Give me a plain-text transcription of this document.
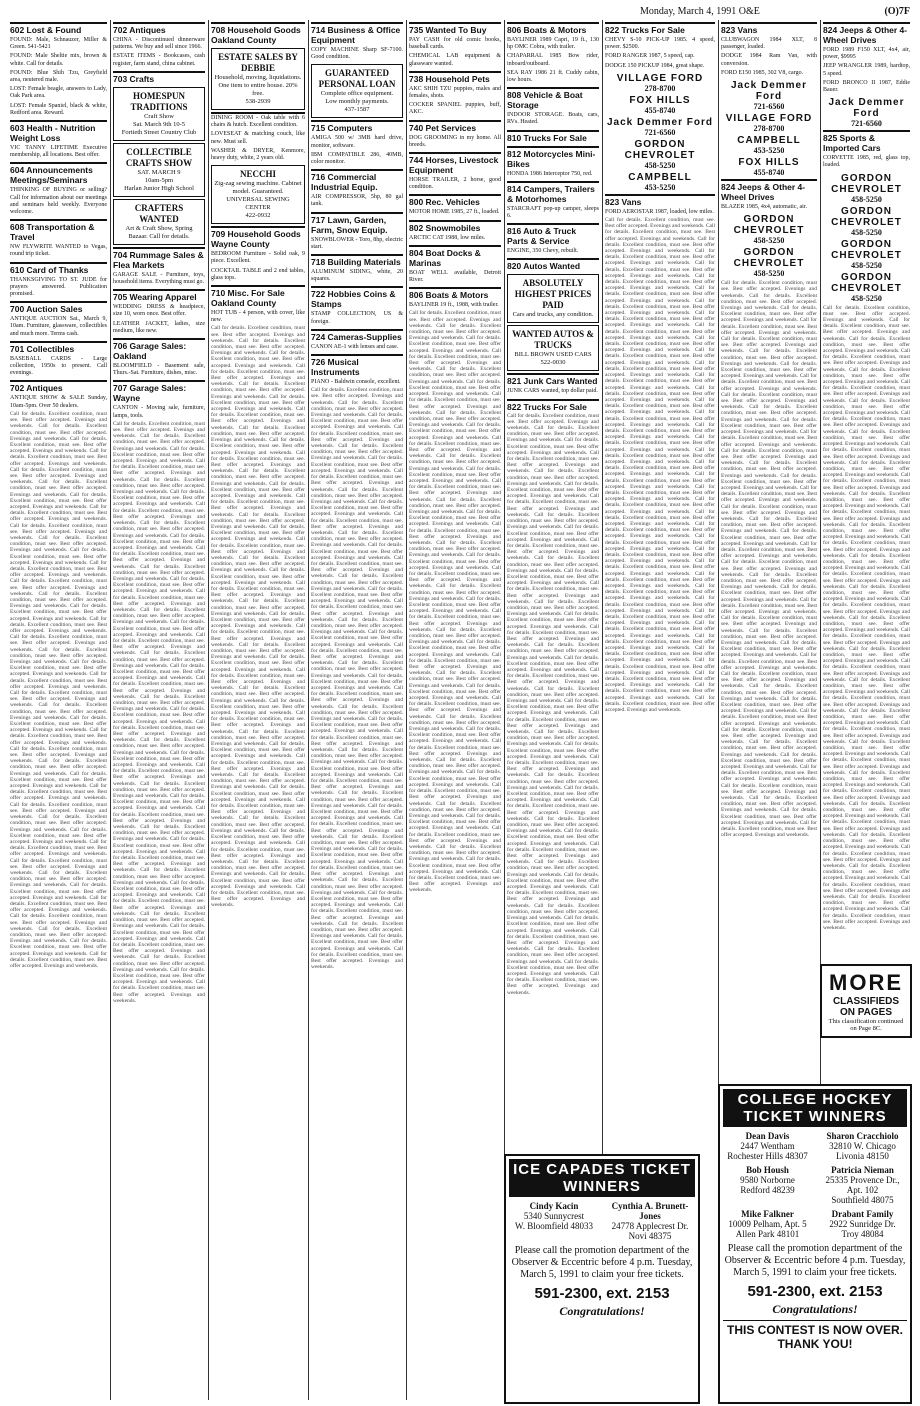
Monday, March 4, 1991 O&E	(O)7F
602 Lost & Found
FOUND: Male, Schnauzer, Miller & Green. 541-5421
FOUND: Male Sheltie mix, brown & white. Call for details.
FOUND: Blue Shih Tzu, Greyfield area, neutered male.
LOST: Female beagle, answers to Lady, Oak Park area.
LOST: Female Spaniel, black & white, Redford area. Reward.
603 Health - Nutrition Weight Loss
VIC TANNY LIFETIME Executive membership, all locations. Best offer.
604 Announcements Meetings/Seminars
THINKING OF BUYING or selling? Call for information about our meetings and seminars held weekly. Everyone welcome.
608 Transportation & Travel
NW FLYWRITE WANTED to Vegas, round trip ticket.
610 Card of Thanks
THANKSGIVING TO ST. JUDE for prayers answered. Publication promised.
700 Auction Sales
ANTIQUE AUCTION Sat., March 9, 10am. Furniture, glassware, collectibles and much more. Terms cash.
701 Collectibles
BASEBALL CARDS - Large collection, 1950s to present. Call evenings.
702 Antiques
ANTIQUE SHOW & SALE Sunday, 10am-5pm. Over 50 dealers.
Call for details. Excellent condition, must see. Best offer accepted. Evenings and weekends. Call for details. Excellent condition, must see. Best offer accepted. Evenings and weekends. Call for details. Excellent condition, must see. Best offer accepted. Evenings and weekends. Call for details. Excellent condition, must see. Best offer accepted. Evenings and weekends. Call for details. Excellent condition, must see. Best offer accepted. Evenings and weekends. Call for details. Excellent condition, must see. Best offer accepted. Evenings and weekends. Call for details. Excellent condition, must see. Best offer accepted. Evenings and weekends. Call for details. Excellent condition, must see. Best offer accepted. Evenings and weekends. Call for details. Excellent condition, must see. Best offer accepted. Evenings and weekends. Call for details. Excellent condition, must see. Best offer accepted. Evenings and weekends. Call for details. Excellent condition, must see. Best offer accepted. Evenings and weekends. Call for details. Excellent condition, must see. Best offer accepted. Evenings and weekends. Call for details. Excellent condition, must see. Best offer accepted. Evenings and weekends. Call for details. Excellent condition, must see. Best offer accepted. Evenings and weekends. Call for details. Excellent condition, must see. Best offer accepted. Evenings and weekends. Call for details. Excellent condition, must see. Best offer accepted. Evenings and weekends. Call for details. Excellent condition, must see. Best offer accepted. Evenings and weekends. Call for details. Excellent condition, must see. Best offer accepted. Evenings and weekends. Call for details. Excellent condition, must see. Best offer accepted. Evenings and weekends. Call for details. Excellent condition, must see. Best offer accepted. Evenings and weekends. Call for details. Excellent condition, must see. Best offer accepted. Evenings and weekends. Call for details. Excellent condition, must see. Best offer accepted. Evenings and weekends. Call for details. Excellent condition, must see. Best offer accepted. Evenings and weekends. Call for details. Excellent condition, must see. Best offer accepted. Evenings and weekends. Call for details. Excellent condition, must see. Best offer accepted. Evenings and weekends. Call for details. Excellent condition, must see. Best offer accepted. Evenings and weekends. Call for details. Excellent condition, must see. Best offer accepted. Evenings and weekends. Call for details. Excellent condition, must see. Best offer accepted. Evenings and weekends. Call for details. Excellent condition, must see. Best offer accepted. Evenings and weekends. Call for details. Excellent condition, must see. Best offer accepted. Evenings and weekends. Call for details. Excellent condition, must see. Best offer accepted. Evenings and weekends. Call for details. Excellent condition, must see. Best offer accepted. Evenings and weekends. Call for details. Excellent condition, must see. Best offer accepted. Evenings and weekends. Call for details. Excellent condition, must see. Best offer accepted. Evenings and weekends. Call for details. Excellent condition, must see. Best offer accepted. Evenings and weekends. Call for details. Excellent condition, must see. Best offer accepted. Evenings and weekends. Call for details. Excellent condition, must see. Best offer accepted. Evenings and weekends. Call for details. Excellent condition, must see. Best offer accepted. Evenings and weekends. Call for details. Excellent condition, must see. Best offer accepted. Evenings and weekends. Call for details. Excellent condition, must see. Best offer accepted. Evenings and weekends.
702 Antiques
CHINA - Discontinued dinnerware patterns. We buy and sell since 1966.
ESTATE ITEMS - Bookcases, cash register, farm stand, china cabinet.
703 Crafts
HOMESPUN TRADITIONS
Craft Show
Sat. March 9th 10-5
Fortieth Street Country Club
COLLECTIBLE CRAFTS SHOW
SAT. MARCH 9
10am-5pm
Harlan Junior High School
CRAFTERS WANTED
Art & Craft Show, Spring Bazaar. Call for details.
704 Rummage Sales & Flea Markets
GARAGE SALE - Furniture, toys, household items. Everything must go.
705 Wearing Apparel
WEDDING DRESS & headpiece, size 10, worn once. Best offer.
LEATHER JACKET, ladies, size medium, like new.
706 Garage Sales: Oakland
BLOOMFIELD - Basement sale, Thurs.-Sat. Furniture, dishes, misc.
707 Garage Sales: Wayne
CANTON - Moving sale, furniture, lamps, tools.
Call for details. Excellent condition, must see. Best offer accepted. Evenings and weekends. Call for details. Excellent condition, must see. Best offer accepted. Evenings and weekends. Call for details. Excellent condition, must see. Best offer accepted. Evenings and weekends. Call for details. Excellent condition, must see. Best offer accepted. Evenings and weekends. Call for details. Excellent condition, must see. Best offer accepted. Evenings and weekends. Call for details. Excellent condition, must see. Best offer accepted. Evenings and weekends. Call for details. Excellent condition, must see. Best offer accepted. Evenings and weekends. Call for details. Excellent condition, must see. Best offer accepted. Evenings and weekends. Call for details. Excellent condition, must see. Best offer accepted. Evenings and weekends. Call for details. Excellent condition, must see. Best offer accepted. Evenings and weekends. Call for details. Excellent condition, must see. Best offer accepted. Evenings and weekends. Call for details. Excellent condition, must see. Best offer accepted. Evenings and weekends. Call for details. Excellent condition, must see. Best offer accepted. Evenings and weekends. Call for details. Excellent condition, must see. Best offer accepted. Evenings and weekends. Call for details. Excellent condition, must see. Best offer accepted. Evenings and weekends. Call for details. Excellent condition, must see. Best offer accepted. Evenings and weekends. Call for details. Excellent condition, must see. Best offer accepted. Evenings and weekends. Call for details. Excellent condition, must see. Best offer accepted. Evenings and weekends. Call for details. Excellent condition, must see. Best offer accepted. Evenings and weekends. Call for details. Excellent condition, must see. Best offer accepted. Evenings and weekends. Call for details. Excellent condition, must see. Best offer accepted. Evenings and weekends. Call for details. Excellent condition, must see. Best offer accepted. Evenings and weekends. Call for details. Excellent condition, must see. Best offer accepted. Evenings and weekends. Call for details. Excellent condition, must see. Best offer accepted. Evenings and weekends. Call for details. Excellent condition, must see. Best offer accepted. Evenings and weekends. Call for details. Excellent condition, must see. Best offer accepted. Evenings and weekends. Call for details. Excellent condition, must see. Best offer accepted. Evenings and weekends. Call for details. Excellent condition, must see. Best offer accepted. Evenings and weekends. Call for details. Excellent condition, must see. Best offer accepted. Evenings and weekends. Call for details. Excellent condition, must see. Best offer accepted. Evenings and weekends. Call for details. Excellent condition, must see. Best offer accepted. Evenings and weekends. Call for details. Excellent condition, must see. Best offer accepted. Evenings and weekends. Call for details. Excellent condition, must see. Best offer accepted. Evenings and weekends. Call for details. Excellent condition, must see. Best offer accepted. Evenings and weekends. Call for details. Excellent condition, must see. Best offer accepted. Evenings and weekends. Call for details. Excellent condition, must see. Best offer accepted. Evenings and weekends. Call for details. Excellent condition, must see. Best offer accepted. Evenings and weekends. Call for details. Excellent condition, must see. Best offer accepted. Evenings and weekends. Call for details. Excellent condition, must see. Best offer accepted. Evenings and weekends. Call for details. Excellent condition, must see. Best offer accepted. Evenings and weekends.
708 Household Goods Oakland County
ESTATE SALES BY DEBBIE
Household, moving, liquidations. One item to entire house. 20% free.
538-2939
DINING ROOM - Oak table with 6 chairs & hutch. Excellent condition.
LOVESEAT & matching couch, like new. Must sell.
WASHER & DRYER, Kenmore, heavy duty, white, 2 years old.
NECCHI
Zig-zag sewing machine. Cabinet model. Guaranteed.
UNIVERSAL SEWING CENTER
422-0932
709 Household Goods Wayne County
BEDROOM Furniture - Solid oak, 9 piece. Excellent.
COCKTAIL TABLE and 2 end tables, glass tops.
710 Misc. For Sale Oakland County
HOT TUB - 4 person, with cover, like new.
Call for details. Excellent condition, must see. Best offer accepted. Evenings and weekends. Call for details. Excellent condition, must see. Best offer accepted. Evenings and weekends. Call for details. Excellent condition, must see. Best offer accepted. Evenings and weekends. Call for details. Excellent condition, must see. Best offer accepted. Evenings and weekends. Call for details. Excellent condition, must see. Best offer accepted. Evenings and weekends. Call for details. Excellent condition, must see. Best offer accepted. Evenings and weekends. Call for details. Excellent condition, must see. Best offer accepted. Evenings and weekends. Call for details. Excellent condition, must see. Best offer accepted. Evenings and weekends. Call for details. Excellent condition, must see. Best offer accepted. Evenings and weekends. Call for details. Excellent condition, must see. Best offer accepted. Evenings and weekends. Call for details. Excellent condition, must see. Best offer accepted. Evenings and weekends. Call for details. Excellent condition, must see. Best offer accepted. Evenings and weekends. Call for details. Excellent condition, must see. Best offer accepted. Evenings and weekends. Call for details. Excellent condition, must see. Best offer accepted. Evenings and weekends. Call for details. Excellent condition, must see. Best offer accepted. Evenings and weekends. Call for details. Excellent condition, must see. Best offer accepted. Evenings and weekends. Call for details. Excellent condition, must see. Best offer accepted. Evenings and weekends. Call for details. Excellent condition, must see. Best offer accepted. Evenings and weekends. Call for details. Excellent condition, must see. Best offer accepted. Evenings and weekends. Call for details. Excellent condition, must see. Best offer accepted. Evenings and weekends. Call for details. Excellent condition, must see. Best offer accepted. Evenings and weekends. Call for details. Excellent condition, must see. Best offer accepted. Evenings and weekends. Call for details. Excellent condition, must see. Best offer accepted. Evenings and weekends. Call for details. Excellent condition, must see. Best offer accepted. Evenings and weekends. Call for details. Excellent condition, must see. Best offer accepted. Evenings and weekends. Call for details. Excellent condition, must see. Best offer accepted. Evenings and weekends. Call for details. Excellent condition, must see. Best offer accepted. Evenings and weekends. Call for details. Excellent condition, must see. Best offer accepted. Evenings and weekends. Call for details. Excellent condition, must see. Best offer accepted. Evenings and weekends. Call for details. Excellent condition, must see. Best offer accepted. Evenings and weekends. Call for details. Excellent condition, must see. Best offer accepted. Evenings and weekends. Call for details. Excellent condition, must see. Best offer accepted. Evenings and weekends. Call for details. Excellent condition, must see. Best offer accepted. Evenings and weekends. Call for details. Excellent condition, must see. Best offer accepted. Evenings and weekends. Call for details. Excellent condition, must see. Best offer accepted. Evenings and weekends. Call for details. Excellent condition, must see. Best offer accepted. Evenings and weekends. Call for details. Excellent condition, must see. Best offer accepted. Evenings and weekends. Call for details. Excellent condition, must see. Best offer accepted. Evenings and weekends. Call for details. Excellent condition, must see. Best offer accepted. Evenings and weekends. Call for details. Excellent condition, must see. Best offer accepted. Evenings and weekends.
714 Business & Office Equipment
COPY MACHINE Sharp SF-7100. Good condition.
GUARANTEED PERSONAL LOAN
Complete office equipment. Low monthly payments.
437-1587
715 Computers
AMIGA 500 w/ 3MB hard drive, monitor, software.
IBM COMPATIBLE 286, 40MB, color monitor.
716 Commercial Industrial Equip.
AIR COMPRESSOR, 5hp, 80 gal tank.
717 Lawn, Garden, Farm, Snow Equip.
SNOWBLOWER - Toro, 8hp, electric start.
718 Building Materials
ALUMINUM SIDING, white, 20 squares.
722 Hobbies Coins & Stamps
STAMP COLLECTION, US & foreign.
724 Cameras-Supplies
CANON AE-1 with lenses and case.
726 Musical Instruments
PIANO - Baldwin console, excellent.
Call for details. Excellent condition, must see. Best offer accepted. Evenings and weekends. Call for details. Excellent condition, must see. Best offer accepted. Evenings and weekends. Call for details. Excellent condition, must see. Best offer accepted. Evenings and weekends. Call for details. Excellent condition, must see. Best offer accepted. Evenings and weekends. Call for details. Excellent condition, must see. Best offer accepted. Evenings and weekends. Call for details. Excellent condition, must see. Best offer accepted. Evenings and weekends. Call for details. Excellent condition, must see. Best offer accepted. Evenings and weekends. Call for details. Excellent condition, must see. Best offer accepted. Evenings and weekends. Call for details. Excellent condition, must see. Best offer accepted. Evenings and weekends. Call for details. Excellent condition, must see. Best offer accepted. Evenings and weekends. Call for details. Excellent condition, must see. Best offer accepted. Evenings and weekends. Call for details. Excellent condition, must see. Best offer accepted. Evenings and weekends. Call for details. Excellent condition, must see. Best offer accepted. Evenings and weekends. Call for details. Excellent condition, must see. Best offer accepted. Evenings and weekends. Call for details. Excellent condition, must see. Best offer accepted. Evenings and weekends. Call for details. Excellent condition, must see. Best offer accepted. Evenings and weekends. Call for details. Excellent condition, must see. Best offer accepted. Evenings and weekends. Call for details. Excellent condition, must see. Best offer accepted. Evenings and weekends. Call for details. Excellent condition, must see. Best offer accepted. Evenings and weekends. Call for details. Excellent condition, must see. Best offer accepted. Evenings and weekends. Call for details. Excellent condition, must see. Best offer accepted. Evenings and weekends. Call for details. Excellent condition, must see. Best offer accepted. Evenings and weekends. Call for details. Excellent condition, must see. Best offer accepted. Evenings and weekends. Call for details. Excellent condition, must see. Best offer accepted. Evenings and weekends. Call for details. Excellent condition, must see. Best offer accepted. Evenings and weekends. Call for details. Excellent condition, must see. Best offer accepted. Evenings and weekends. Call for details. Excellent condition, must see. Best offer accepted. Evenings and weekends. Call for details. Excellent condition, must see. Best offer accepted. Evenings and weekends. Call for details. Excellent condition, must see. Best offer accepted. Evenings and weekends. Call for details. Excellent condition, must see. Best offer accepted. Evenings and weekends. Call for details. Excellent condition, must see. Best offer accepted. Evenings and weekends. Call for details. Excellent condition, must see. Best offer accepted. Evenings and weekends. Call for details. Excellent condition, must see. Best offer accepted. Evenings and weekends. Call for details. Excellent condition, must see. Best offer accepted. Evenings and weekends. Call for details. Excellent condition, must see. Best offer accepted. Evenings and weekends. Call for details. Excellent condition, must see. Best offer accepted. Evenings and weekends. Call for details. Excellent condition, must see. Best offer accepted. Evenings and weekends. Call for details. Excellent condition, must see. Best offer accepted. Evenings and weekends. Call for details. Excellent condition, must see. Best offer accepted. Evenings and weekends. Call for details. Excellent condition, must see. Best offer accepted. Evenings and weekends.
735 Wanted To Buy
PAY CASH for old comic books, baseball cards.
CHEMICAL LAB equipment & glassware wanted.
738 Household Pets
AKC SHIH TZU puppies, males and females, shots.
COCKER SPANIEL puppies, buff, AKC.
740 Pet Services
DOG GROOMING in my home. All breeds.
744 Horses, Livestock Equipment
HORSE TRAILER, 2 horse, good condition.
800 Rec. Vehicles
MOTOR HOME 1985, 27 ft., loaded.
802 Snowmobiles
ARCTIC CAT 1988, low miles.
804 Boat Docks & Marinas
BOAT WELL available, Detroit River.
806 Boats & Motors
BAYLINER 19 ft., 1988, with trailer.
Call for details. Excellent condition, must see. Best offer accepted. Evenings and weekends. Call for details. Excellent condition, must see. Best offer accepted. Evenings and weekends. Call for details. Excellent condition, must see. Best offer accepted. Evenings and weekends. Call for details. Excellent condition, must see. Best offer accepted. Evenings and weekends. Call for details. Excellent condition, must see. Best offer accepted. Evenings and weekends. Call for details. Excellent condition, must see. Best offer accepted. Evenings and weekends. Call for details. Excellent condition, must see. Best offer accepted. Evenings and weekends. Call for details. Excellent condition, must see. Best offer accepted. Evenings and weekends. Call for details. Excellent condition, must see. Best offer accepted. Evenings and weekends. Call for details. Excellent condition, must see. Best offer accepted. Evenings and weekends. Call for details. Excellent condition, must see. Best offer accepted. Evenings and weekends. Call for details. Excellent condition, must see. Best offer accepted. Evenings and weekends. Call for details. Excellent condition, must see. Best offer accepted. Evenings and weekends. Call for details. Excellent condition, must see. Best offer accepted. Evenings and weekends. Call for details. Excellent condition, must see. Best offer accepted. Evenings and weekends. Call for details. Excellent condition, must see. Best offer accepted. Evenings and weekends. Call for details. Excellent condition, must see. Best offer accepted. Evenings and weekends. Call for details. Excellent condition, must see. Best offer accepted. Evenings and weekends. Call for details. Excellent condition, must see. Best offer accepted. Evenings and weekends. Call for details. Excellent condition, must see. Best offer accepted. Evenings and weekends. Call for details. Excellent condition, must see. Best offer accepted. Evenings and weekends. Call for details. Excellent condition, must see. Best offer accepted. Evenings and weekends. Call for details. Excellent condition, must see. Best offer accepted. Evenings and weekends. Call for details. Excellent condition, must see. Best offer accepted. Evenings and weekends. Call for details. Excellent condition, must see. Best offer accepted. Evenings and weekends. Call for details. Excellent condition, must see. Best offer accepted. Evenings and weekends. Call for details. Excellent condition, must see. Best offer accepted. Evenings and weekends. Call for details. Excellent condition, must see. Best offer accepted. Evenings and weekends. Call for details. Excellent condition, must see. Best offer accepted. Evenings and weekends. Call for details. Excellent condition, must see. Best offer accepted. Evenings and weekends. Call for details. Excellent condition, must see. Best offer accepted. Evenings and weekends. Call for details. Excellent condition, must see. Best offer accepted. Evenings and weekends. Call for details. Excellent condition, must see. Best offer accepted. Evenings and weekends. Call for details. Excellent condition, must see. Best offer accepted. Evenings and weekends. Call for details. Excellent condition, must see. Best offer accepted. Evenings and weekends. Call for details. Excellent condition, must see. Best offer accepted. Evenings and weekends. Call for details. Excellent condition, must see. Best offer accepted. Evenings and weekends. Call for details. Excellent condition, must see. Best offer accepted. Evenings and weekends. Call for details. Excellent condition, must see. Best offer accepted. Evenings and weekends. Call for details. Excellent condition, must see. Best offer accepted. Evenings and weekends.
806 Boats & Motors
BAYLINER 1989 Capri, 19 ft., 130 hp OMC Cobra, with trailer.
CHAPARRAL 1985 Bow rider, inboard/outboard.
SEA RAY 1986 21 ft. Cuddy cabin, low hours.
808 Vehicle & Boat Storage
INDOOR STORAGE. Boats, cars, RVs. Heated.
810 Trucks For Sale
812 Motorcycles Mini-Bikes
HONDA 1986 Interceptor 750, red.
814 Campers, Trailers & Motorhomes
STARCRAFT pop-up camper, sleeps 6.
816 Auto & Truck Parts & Service
ENGINE, 350 Chevy, rebuilt.
820 Autos Wanted
ABSOLUTELY HIGHEST PRICES PAID
Cars and trucks, any condition.
WANTED AUTOS & TRUCKS
BILL BROWN USED CARS
522-0030
821 Junk Cars Wanted
JUNK CARS wanted, top dollar paid.
822 Trucks For Sale
Call for details. Excellent condition, must see. Best offer accepted. Evenings and weekends. Call for details. Excellent condition, must see. Best offer accepted. Evenings and weekends. Call for details. Excellent condition, must see. Best offer accepted. Evenings and weekends. Call for details. Excellent condition, must see. Best offer accepted. Evenings and weekends. Call for details. Excellent condition, must see. Best offer accepted. Evenings and weekends. Call for details. Excellent condition, must see. Best offer accepted. Evenings and weekends. Call for details. Excellent condition, must see. Best offer accepted. Evenings and weekends. Call for details. Excellent condition, must see. Best offer accepted. Evenings and weekends. Call for details. Excellent condition, must see. Best offer accepted. Evenings and weekends. Call for details. Excellent condition, must see. Best offer accepted. Evenings and weekends. Call for details. Excellent condition, must see. Best offer accepted. Evenings and weekends. Call for details. Excellent condition, must see. Best offer accepted. Evenings and weekends. Call for details. Excellent condition, must see. Best offer accepted. Evenings and weekends. Call for details. Excellent condition, must see. Best offer accepted. Evenings and weekends. Call for details. Excellent condition, must see. Best offer accepted. Evenings and weekends. Call for details. Excellent condition, must see. Best offer accepted. Evenings and weekends. Call for details. Excellent condition, must see. Best offer accepted. Evenings and weekends. Call for details. Excellent condition, must see. Best offer accepted. Evenings and weekends. Call for details. Excellent condition, must see. Best offer accepted. Evenings and weekends. Call for details. Excellent condition, must see. Best offer accepted. Evenings and weekends. Call for details. Excellent condition, must see. Best offer accepted. Evenings and weekends. Call for details. Excellent condition, must see. Best offer accepted. Evenings and weekends. Call for details. Excellent condition, must see. Best offer accepted. Evenings and weekends. Call for details. Excellent condition, must see. Best offer accepted. Evenings and weekends. Call for details. Excellent condition, must see. Best offer accepted. Evenings and weekends. Call for details. Excellent condition, must see. Best offer accepted. Evenings and weekends. Call for details. Excellent condition, must see. Best offer accepted. Evenings and weekends. Call for details. Excellent condition, must see. Best offer accepted. Evenings and weekends. Call for details. Excellent condition, must see. Best offer accepted. Evenings and weekends. Call for details. Excellent condition, must see. Best offer accepted. Evenings and weekends. Call for details. Excellent condition, must see. Best offer accepted. Evenings and weekends. Call for details. Excellent condition, must see. Best offer accepted. Evenings and weekends. Call for details. Excellent condition, must see. Best offer accepted. Evenings and weekends. Call for details. Excellent condition, must see. Best offer accepted. Evenings and weekends. Call for details. Excellent condition, must see. Best offer accepted. Evenings and weekends. Call for details. Excellent condition, must see. Best offer accepted. Evenings and weekends. Call for details. Excellent condition, must see. Best offer accepted. Evenings and weekends. Call for details. Excellent condition, must see. Best offer accepted. Evenings and weekends. Call for details. Excellent condition, must see. Best offer accepted. Evenings and weekends. Call for details. Excellent condition, must see. Best offer accepted. Evenings and weekends.
822 Trucks For Sale
CHEVY S-10 PICK-UP 1985. 4 speed, power. $2500.
FORD RANGER 1987, 5 speed, cap.
DODGE 150 PICKUP 1984, great shape.
VILLAGE FORD
278-8700
FOX HILLS
455-8740
Jack Demmer Ford
721-6560
GORDON CHEVROLET
458-5250
CAMPBELL
453-5250
823 Vans
FORD AEROSTAR 1987, loaded, low miles.
Call for details. Excellent condition, must see. Best offer accepted. Evenings and weekends. Call for details. Excellent condition, must see. Best offer accepted. Evenings and weekends. Call for details. Excellent condition, must see. Best offer accepted. Evenings and weekends. Call for details. Excellent condition, must see. Best offer accepted. Evenings and weekends. Call for details. Excellent condition, must see. Best offer accepted. Evenings and weekends. Call for details. Excellent condition, must see. Best offer accepted. Evenings and weekends. Call for details. Excellent condition, must see. Best offer accepted. Evenings and weekends. Call for details. Excellent condition, must see. Best offer accepted. Evenings and weekends. Call for details. Excellent condition, must see. Best offer accepted. Evenings and weekends. Call for details. Excellent condition, must see. Best offer accepted. Evenings and weekends. Call for details. Excellent condition, must see. Best offer accepted. Evenings and weekends. Call for details. Excellent condition, must see. Best offer accepted. Evenings and weekends. Call for details. Excellent condition, must see. Best offer accepted. Evenings and weekends. Call for details. Excellent condition, must see. Best offer accepted. Evenings and weekends. Call for details. Excellent condition, must see. Best offer accepted. Evenings and weekends. Call for details. Excellent condition, must see. Best offer accepted. Evenings and weekends. Call for details. Excellent condition, must see. Best offer accepted. Evenings and weekends. Call for details. Excellent condition, must see. Best offer accepted. Evenings and weekends. Call for details. Excellent condition, must see. Best offer accepted. Evenings and weekends. Call for details. Excellent condition, must see. Best offer accepted. Evenings and weekends. Call for details. Excellent condition, must see. Best offer accepted. Evenings and weekends. Call for details. Excellent condition, must see. Best offer accepted. Evenings and weekends. Call for details. Excellent condition, must see. Best offer accepted. Evenings and weekends. Call for details. Excellent condition, must see. Best offer accepted. Evenings and weekends. Call for details. Excellent condition, must see. Best offer accepted. Evenings and weekends. Call for details. Excellent condition, must see. Best offer accepted. Evenings and weekends. Call for details. Excellent condition, must see. Best offer accepted. Evenings and weekends. Call for details. Excellent condition, must see. Best offer accepted. Evenings and weekends. Call for details. Excellent condition, must see. Best offer accepted. Evenings and weekends. Call for details. Excellent condition, must see. Best offer accepted. Evenings and weekends. Call for details. Excellent condition, must see. Best offer accepted. Evenings and weekends. Call for details. Excellent condition, must see. Best offer accepted. Evenings and weekends. Call for details. Excellent condition, must see. Best offer accepted. Evenings and weekends. Call for details. Excellent condition, must see. Best offer accepted. Evenings and weekends. Call for details. Excellent condition, must see. Best offer accepted. Evenings and weekends. Call for details. Excellent condition, must see. Best offer accepted. Evenings and weekends. Call for details. Excellent condition, must see. Best offer accepted. Evenings and weekends. Call for details. Excellent condition, must see. Best offer accepted. Evenings and weekends. Call for details. Excellent condition, must see. Best offer accepted. Evenings and weekends. Call for details. Excellent condition, must see. Best offer accepted. Evenings and weekends.
823 Vans
CLUBWAGON 1984 XLT, 8 passenger, loaded.
DODGE 1984 Ram Van, with conversion.
FORD E150 1985, 302 V8, cargo.
Jack Demmer Ford
721-6560
VILLAGE FORD
278-8700
CAMPBELL
453-5250
FOX HILLS
455-8740
824 Jeeps & Other 4-Wheel Drives
BLAZER 1985, 4x4, automatic, air.
GORDON CHEVROLET
458-5250
GORDON CHEVROLET
458-5250
Call for details. Excellent condition, must see. Best offer accepted. Evenings and weekends. Call for details. Excellent condition, must see. Best offer accepted. Evenings and weekends. Call for details. Excellent condition, must see. Best offer accepted. Evenings and weekends. Call for details. Excellent condition, must see. Best offer accepted. Evenings and weekends. Call for details. Excellent condition, must see. Best offer accepted. Evenings and weekends. Call for details. Excellent condition, must see. Best offer accepted. Evenings and weekends. Call for details. Excellent condition, must see. Best offer accepted. Evenings and weekends. Call for details. Excellent condition, must see. Best offer accepted. Evenings and weekends. Call for details. Excellent condition, must see. Best offer accepted. Evenings and weekends. Call for details. Excellent condition, must see. Best offer accepted. Evenings and weekends. Call for details. Excellent condition, must see. Best offer accepted. Evenings and weekends. Call for details. Excellent condition, must see. Best offer accepted. Evenings and weekends. Call for details. Excellent condition, must see. Best offer accepted. Evenings and weekends. Call for details. Excellent condition, must see. Best offer accepted. Evenings and weekends. Call for details. Excellent condition, must see. Best offer accepted. Evenings and weekends. Call for details. Excellent condition, must see. Best offer accepted. Evenings and weekends. Call for details. Excellent condition, must see. Best offer accepted. Evenings and weekends. Call for details. Excellent condition, must see. Best offer accepted. Evenings and weekends. Call for details. Excellent condition, must see. Best offer accepted. Evenings and weekends. Call for details. Excellent condition, must see. Best offer accepted. Evenings and weekends. Call for details. Excellent condition, must see. Best offer accepted. Evenings and weekends. Call for details. Excellent condition, must see. Best offer accepted. Evenings and weekends. Call for details. Excellent condition, must see. Best offer accepted. Evenings and weekends. Call for details. Excellent condition, must see. Best offer accepted. Evenings and weekends. Call for details. Excellent condition, must see. Best offer accepted. Evenings and weekends. Call for details. Excellent condition, must see. Best offer accepted. Evenings and weekends. Call for details. Excellent condition, must see. Best offer accepted. Evenings and weekends. Call for details. Excellent condition, must see. Best offer accepted. Evenings and weekends. Call for details. Excellent condition, must see. Best offer accepted. Evenings and weekends. Call for details. Excellent condition, must see. Best offer accepted. Evenings and weekends. Call for details. Excellent condition, must see. Best offer accepted. Evenings and weekends. Call for details. Excellent condition, must see. Best offer accepted. Evenings and weekends. Call for details. Excellent condition, must see. Best offer accepted. Evenings and weekends. Call for details. Excellent condition, must see. Best offer accepted. Evenings and weekends. Call for details. Excellent condition, must see. Best offer accepted. Evenings and weekends. Call for details. Excellent condition, must see. Best offer accepted. Evenings and weekends. Call for details. Excellent condition, must see. Best offer accepted. Evenings and weekends. Call for details. Excellent condition, must see. Best offer accepted. Evenings and weekends. Call for details. Excellent condition, must see. Best offer accepted. Evenings and weekends. Call for details. Excellent condition, must see. Best offer accepted. Evenings and weekends.
824 Jeeps & Other 4-Wheel Drives
FORD 1989 F150 XLT, 4x4, air, power, $9995
JEEP WRANGLER 1989, hardtop, 5 speed.
FORD BRONCO II 1987, Eddie Bauer.
Jack Demmer Ford
721-6560
825 Sports & Imported Cars
CORVETTE 1985, red, glass top, loaded.
GORDON CHEVROLET
458-5250
GORDON CHEVROLET
458-5250
GORDON CHEVROLET
458-5250
GORDON CHEVROLET
458-5250
Call for details. Excellent condition, must see. Best offer accepted. Evenings and weekends. Call for details. Excellent condition, must see. Best offer accepted. Evenings and weekends. Call for details. Excellent condition, must see. Best offer accepted. Evenings and weekends. Call for details. Excellent condition, must see. Best offer accepted. Evenings and weekends. Call for details. Excellent condition, must see. Best offer accepted. Evenings and weekends. Call for details. Excellent condition, must see. Best offer accepted. Evenings and weekends. Call for details. Excellent condition, must see. Best offer accepted. Evenings and weekends. Call for details. Excellent condition, must see. Best offer accepted. Evenings and weekends. Call for details. Excellent condition, must see. Best offer accepted. Evenings and weekends. Call for details. Excellent condition, must see. Best offer accepted. Evenings and weekends. Call for details. Excellent condition, must see. Best offer accepted. Evenings and weekends. Call for details. Excellent condition, must see. Best offer accepted. Evenings and weekends. Call for details. Excellent condition, must see. Best offer accepted. Evenings and weekends. Call for details. Excellent condition, must see. Best offer accepted. Evenings and weekends. Call for details. Excellent condition, must see. Best offer accepted. Evenings and weekends. Call for details. Excellent condition, must see. Best offer accepted. Evenings and weekends. Call for details. Excellent condition, must see. Best offer accepted. Evenings and weekends. Call for details. Excellent condition, must see. Best offer accepted. Evenings and weekends. Call for details. Excellent condition, must see. Best offer accepted. Evenings and weekends. Call for details. Excellent condition, must see. Best offer accepted. Evenings and weekends. Call for details. Excellent condition, must see. Best offer accepted. Evenings and weekends. Call for details. Excellent condition, must see. Best offer accepted. Evenings and weekends. Call for details. Excellent condition, must see. Best offer accepted. Evenings and weekends. Call for details. Excellent condition, must see. Best offer accepted. Evenings and weekends. Call for details. Excellent condition, must see. Best offer accepted. Evenings and weekends. Call for details. Excellent condition, must see. Best offer accepted. Evenings and weekends. Call for details. Excellent condition, must see. Best offer accepted. Evenings and weekends. Call for details. Excellent condition, must see. Best offer accepted. Evenings and weekends. Call for details. Excellent condition, must see. Best offer accepted. Evenings and weekends. Call for details. Excellent condition, must see. Best offer accepted. Evenings and weekends. Call for details. Excellent condition, must see. Best offer accepted. Evenings and weekends. Call for details. Excellent condition, must see. Best offer accepted. Evenings and weekends. Call for details. Excellent condition, must see. Best offer accepted. Evenings and weekends. Call for details. Excellent condition, must see. Best offer accepted. Evenings and weekends. Call for details. Excellent condition, must see. Best offer accepted. Evenings and weekends. Call for details. Excellent condition, must see. Best offer accepted. Evenings and weekends. Call for details. Excellent condition, must see. Best offer accepted. Evenings and weekends. Call for details. Excellent condition, must see. Best offer accepted. Evenings and weekends. Call for details. Excellent condition, must see. Best offer accepted. Evenings and weekends. Call for details. Excellent condition, must see. Best offer accepted. Evenings and weekends.
MORE
CLASSIFIEDS ON PAGES
This classification continued on Page 8C.
ICE CAPADES TICKET WINNERS
Cindy Kacin
5340 Sunnycrest
W. Bloomfield 48033
Cynthia A. Brunett-Jones
24778 Applecrest Dr.
Novi 48375
Please call the promotion department of the Observer & Eccentric before 4 p.m. Tuesday, March 5, 1991 to claim your free tickets.
591-2300, ext. 2153
Congratulations!
COLLEGE HOCKEY TICKET WINNERS
Dean Davis
2447 Wentham
Rochester Hills 48307
Sharon Cracchiolo
32810 W. Chicago
Livonia 48150
Bob Housh
9580 Norborne
Redford 48239
Patricia Nieman
25335 Provence Dr., Apt. 102
Southfield 48075
Mike Falkner
10009 Pelham, Apt. 5
Allen Park 48101
Drabant Family
2922 Sunridge Dr.
Troy 48084
Please call the promotion department of the Observer & Eccentric before 4 p.m. Tuesday, March 5, 1991 to claim your free tickets.
591-2300, ext. 2153
Congratulations!
THIS CONTEST IS NOW OVER. THANK YOU!
